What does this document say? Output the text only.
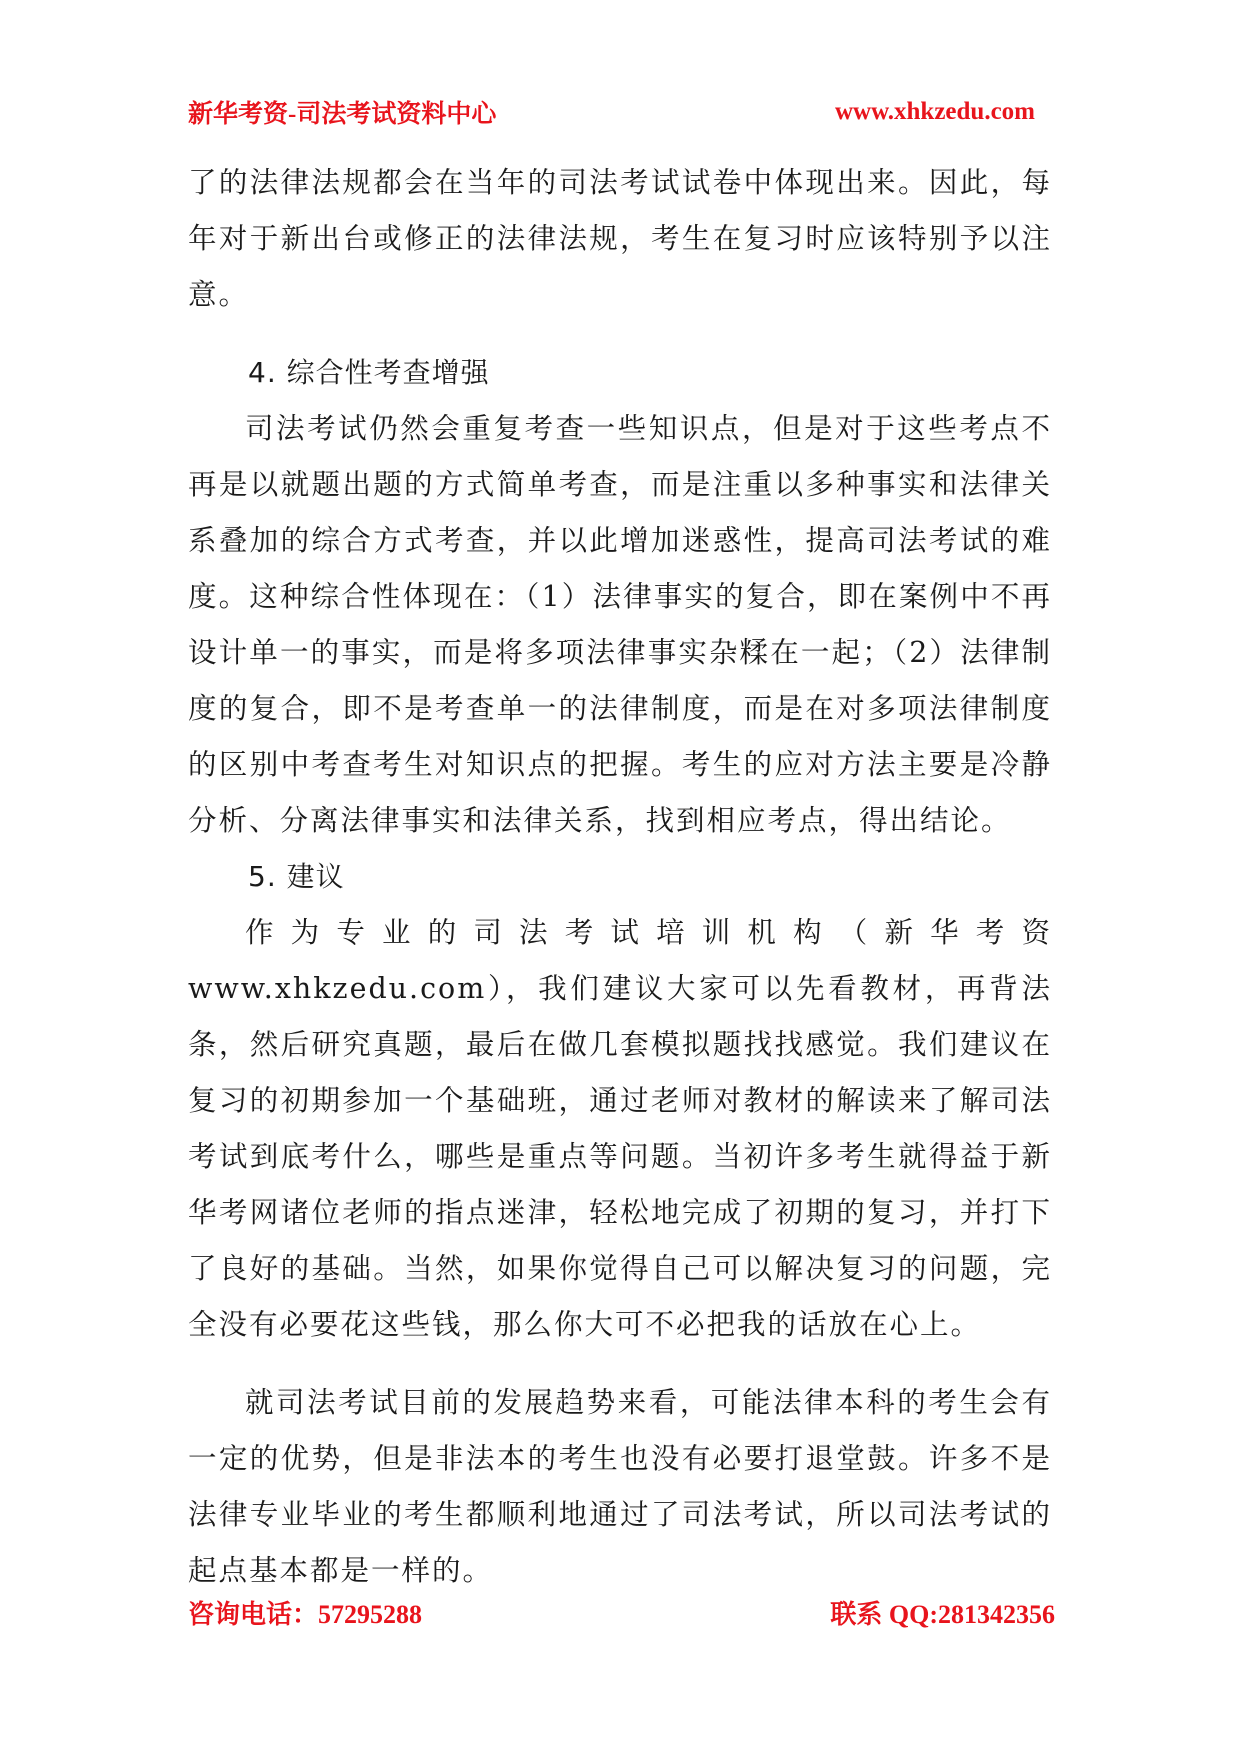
新华考资-司法考试资料中心	www.xhkzedu.com

了的法律法规都会在当年的司法考试试卷中体现出来。因此，每年对于新出台或修正的法律法规，考生在复习时应该特别予以注意。

4. 综合性考查增强

司法考试仍然会重复考查一些知识点，但是对于这些考点不再是以就题出题的方式简单考查，而是注重以多种事实和法律关系叠加的综合方式考查，并以此增加迷惑性，提高司法考试的难度。这种综合性体现在：（1）法律事实的复合，即在案例中不再设计单一的事实，而是将多项法律事实杂糅在一起；（2）法律制度的复合，即不是考查单一的法律制度，而是在对多项法律制度的区别中考查考生对知识点的把握。考生的应对方法主要是冷静分析、分离法律事实和法律关系，找到相应考点，得出结论。

5. 建议

作为专业的司法考试培训机构（新华考资www.xhkzedu.com），我们建议大家可以先看教材，再背法条，然后研究真题，最后在做几套模拟题找找感觉。我们建议在复习的初期参加一个基础班，通过老师对教材的解读来了解司法考试到底考什么，哪些是重点等问题。当初许多考生就得益于新华考网诸位老师的指点迷津，轻松地完成了初期的复习，并打下了良好的基础。当然，如果你觉得自己可以解决复习的问题，完全没有必要花这些钱，那么你大可不必把我的话放在心上。

就司法考试目前的发展趋势来看，可能法律本科的考生会有一定的优势，但是非法本的考生也没有必要打退堂鼓。许多不是法律专业毕业的考生都顺利地通过了司法考试，所以司法考试的起点基本都是一样的。

咨询电话：57295288	联系 QQ:281342356
